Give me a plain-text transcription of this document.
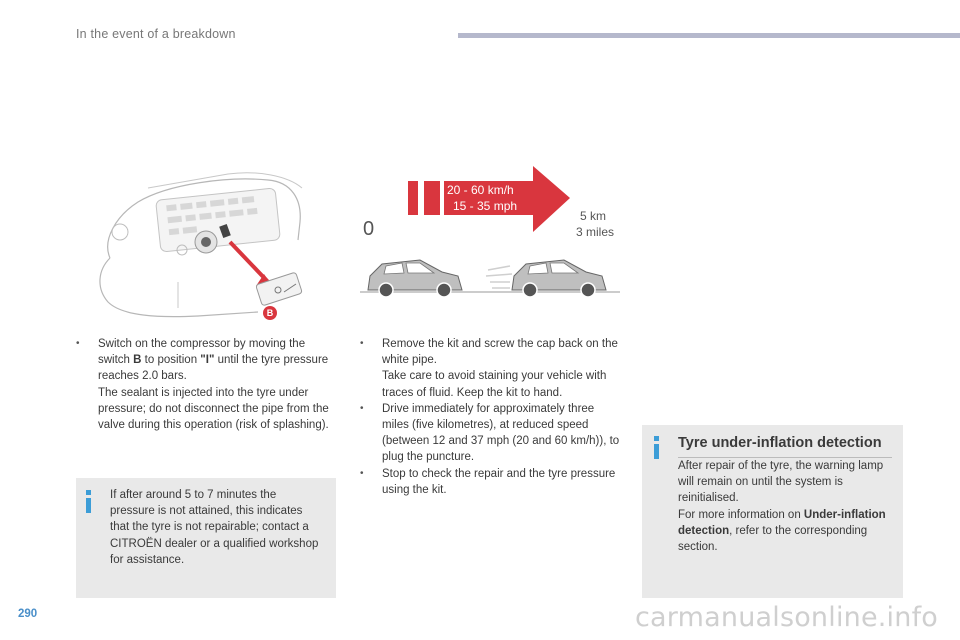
In the event of a breakdown
B
20 - 60 km/h
15 - 35 mph
0
5 km
3 miles
• Switch on the compressor by moving the switch B to position "I" until the tyre pressure reaches 2.0 bars.

The sealant is injected into the tyre under pressure; do not disconnect the pipe from the valve during this operation (risk of splashing).

If after around 5 to 7 minutes the pressure is not attained, this indicates that the tyre is not repairable; contact a CITROËN dealer or a qualified workshop for assistance.
• Remove the kit and screw the cap back on the white pipe.

Take care to avoid staining your vehicle with traces of fluid. Keep the kit to hand.

• Drive immediately for approximately three miles (five kilometres), at reduced speed (between 12 and 37 mph (20 and 60 km/h)), to plug the puncture.

• Stop to check the repair and the tyre pressure using the kit.

Tyre under-inflation detection

After repair of the tyre, the warning lamp will remain on until the system is reinitialised.

For more information on Under-inflation detection, refer to the corresponding section.

290	carmanualsonline.info
